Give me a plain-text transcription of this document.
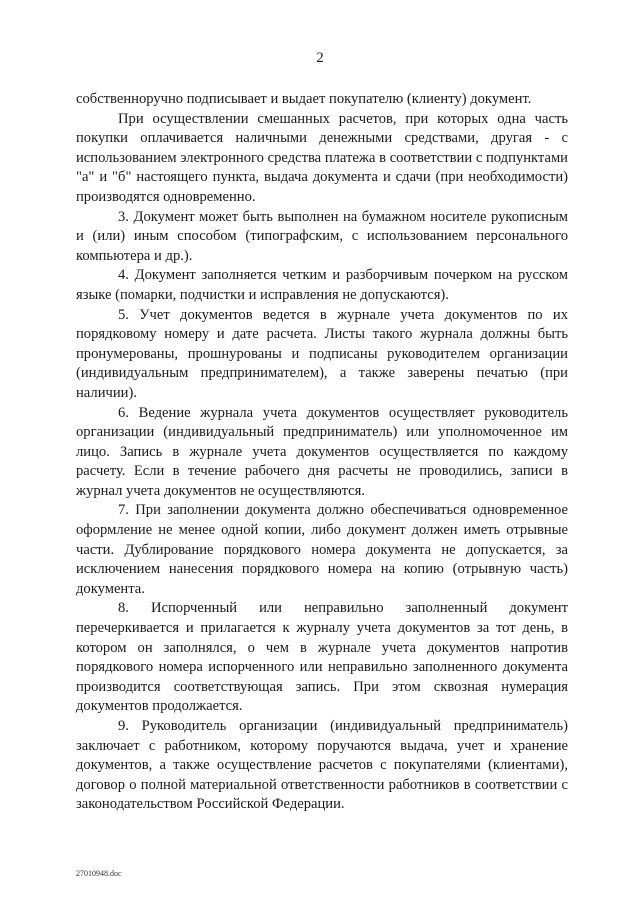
2

собственноручно подписывает и выдает покупателю (клиенту) документ.

При осуществлении смешанных расчетов, при которых одна часть покупки оплачивается наличными денежными средствами, другая - с использованием электронного средства платежа в соответствии с подпунктами "а" и "б" настоящего пункта, выдача документа и сдачи (при необходимости) производятся одновременно.

3. Документ может быть выполнен на бумажном носителе рукописным и (или) иным способом (типографским, с использованием персонального компьютера и др.).

4. Документ заполняется четким и разборчивым почерком на русском языке (помарки, подчистки и исправления не допускаются).

5. Учет документов ведется в журнале учета документов по их порядковому номеру и дате расчета. Листы такого журнала должны быть пронумерованы, прошнурованы и подписаны руководителем организации (индивидуальным предпринимателем), а также заверены печатью (при наличии).

6. Ведение журнала учета документов осуществляет руководитель организации (индивидуальный предприниматель) или уполномоченное им лицо. Запись в журнале учета документов осуществляется по каждому расчету. Если в течение рабочего дня расчеты не проводились, записи в журнал учета документов не осуществляются.

7. При заполнении документа должно обеспечиваться одновременное оформление не менее одной копии, либо документ должен иметь отрывные части. Дублирование порядкового номера документа не допускается, за исключением нанесения порядкового номера на копию (отрывную часть) документа.

8. Испорченный или неправильно заполненный документ перечеркивается и прилагается к журналу учета документов за тот день, в котором он заполнялся, о чем в журнале учета документов напротив порядкового номера испорченного или неправильно заполненного документа производится соответствующая запись. При этом сквозная нумерация документов продолжается.

9. Руководитель организации (индивидуальный предприниматель) заключает с работником, которому поручаются выдача, учет и хранение документов, а также осуществление расчетов с покупателями (клиентами), договор о полной материальной ответственности работников в соответствии с законодательством Российской Федерации.

27010948.doc
